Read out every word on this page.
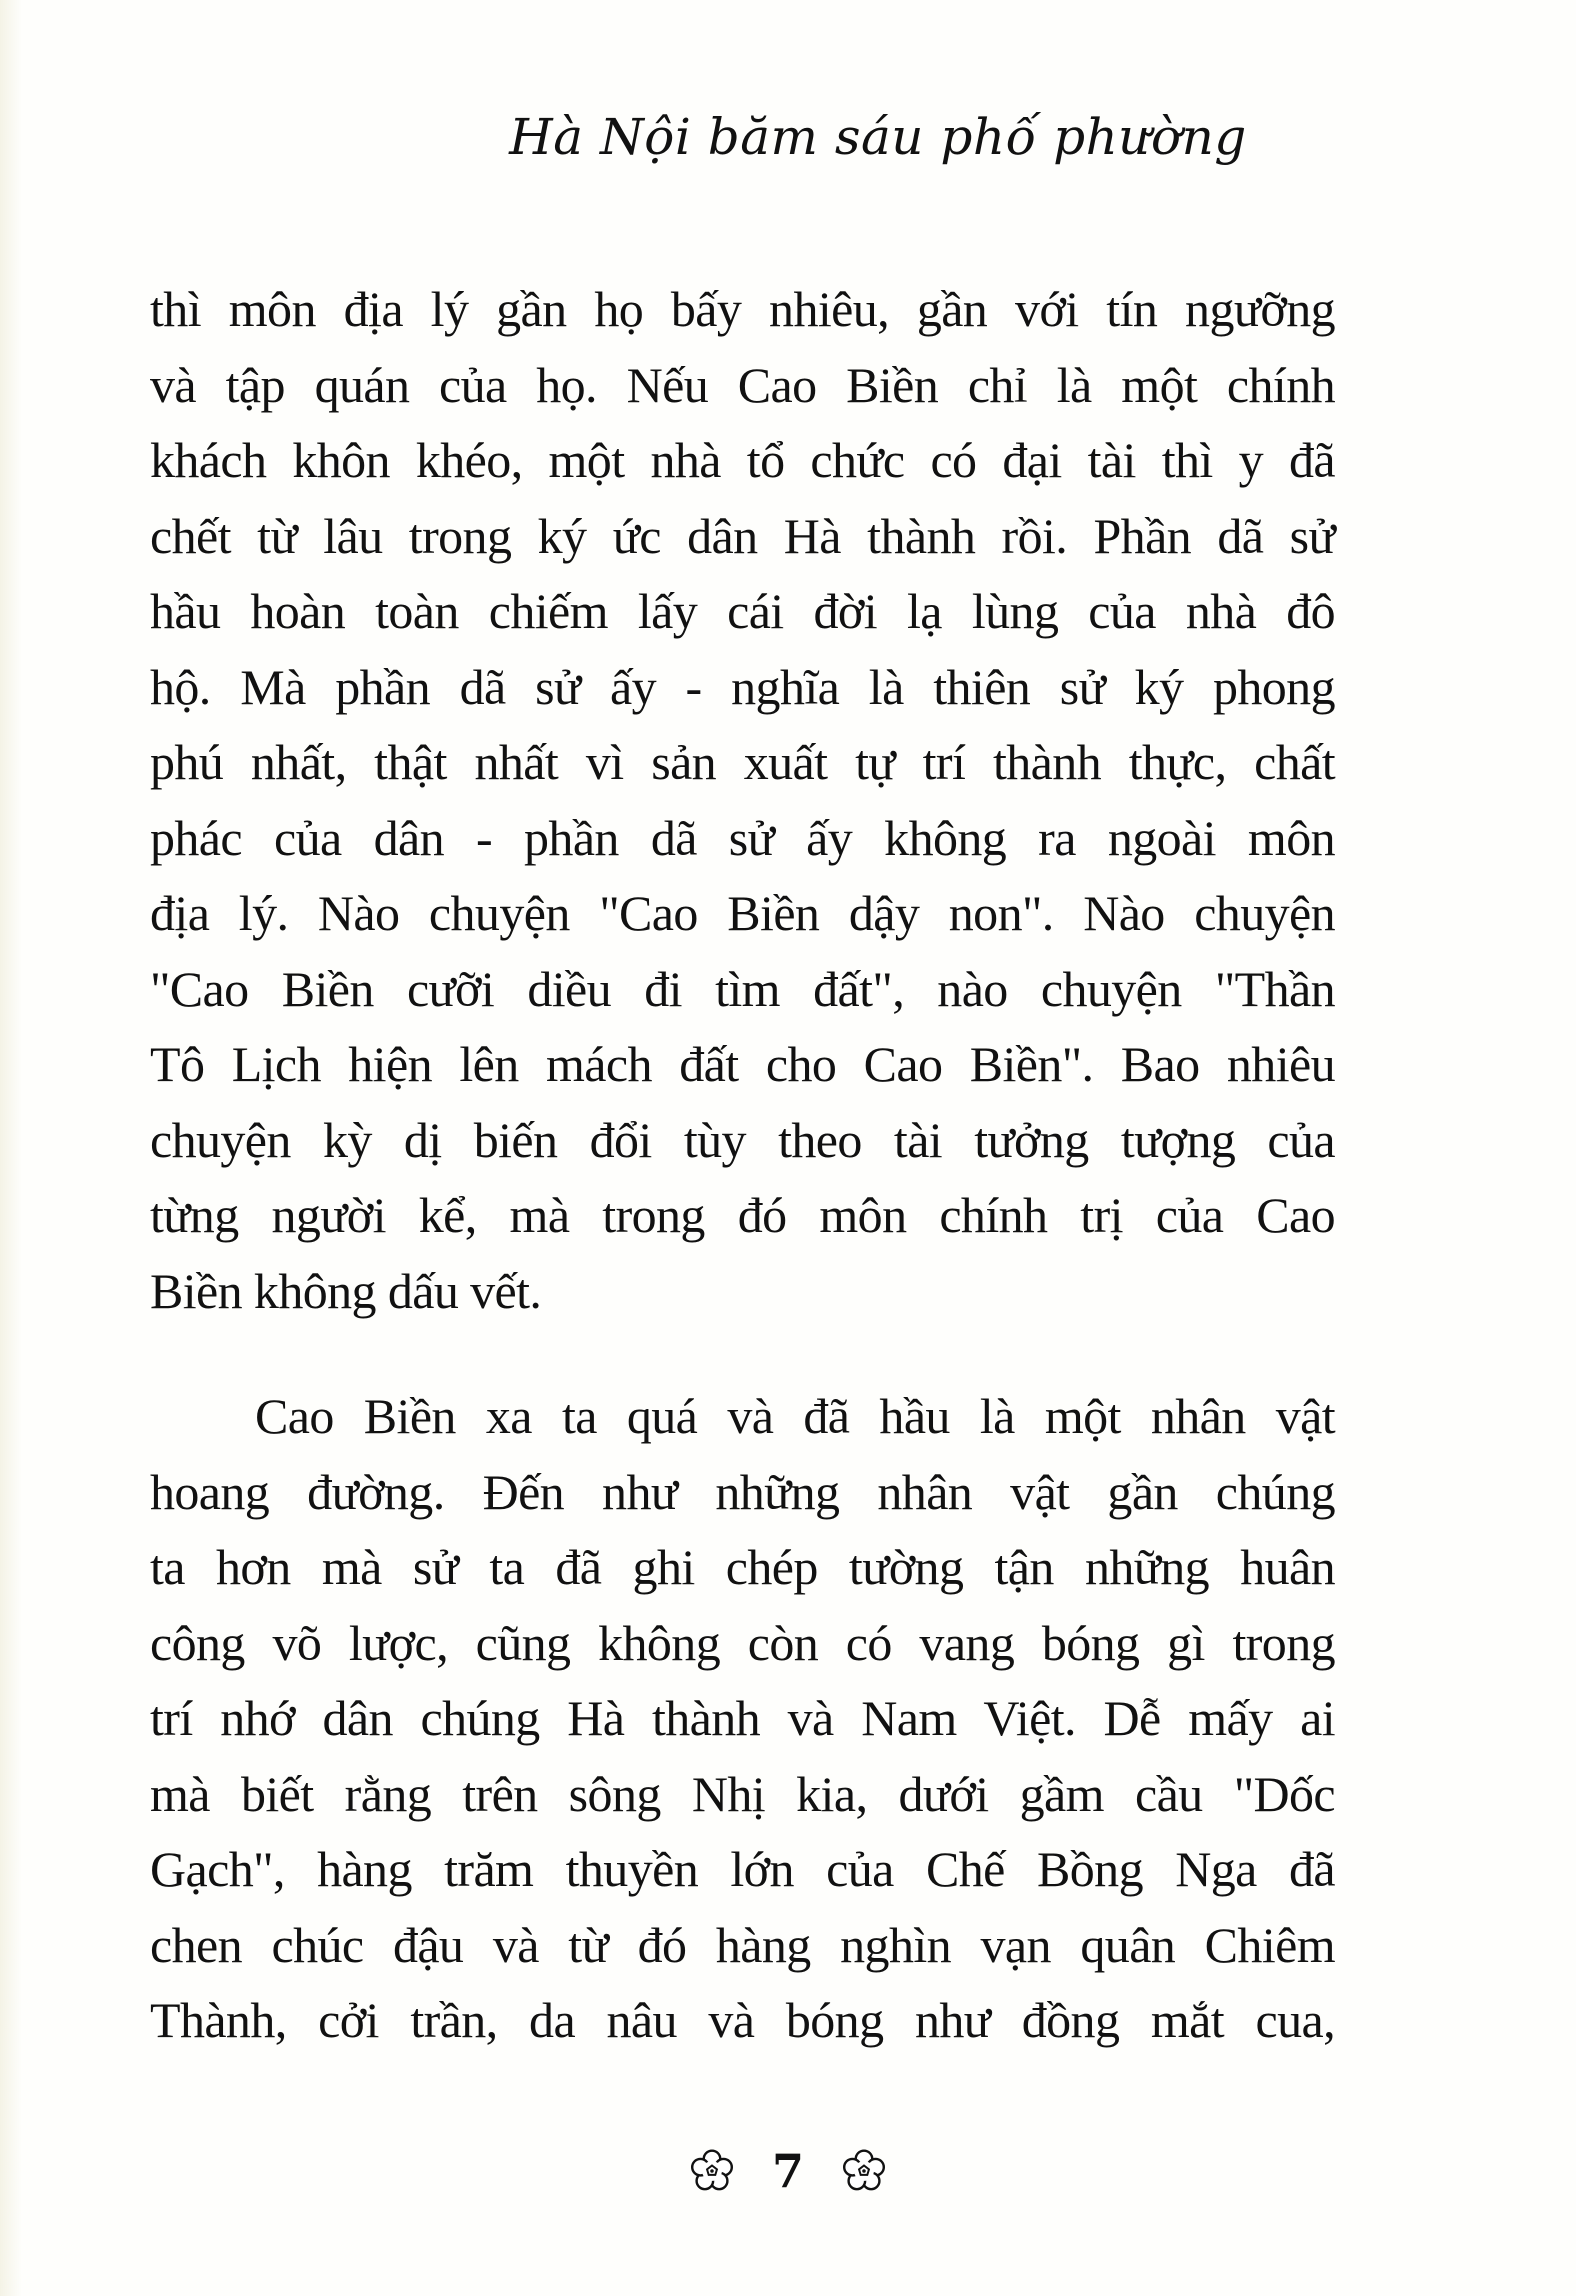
Hà Nội băm sáu phố phường
thì môn địa lý gần họ bấy nhiêu, gần với tín ngưỡng
và tập quán của họ. Nếu Cao Biền chỉ là một chính
khách khôn khéo, một nhà tổ chức có đại tài thì y đã
chết từ lâu trong ký ức dân Hà thành rồi. Phần dã sử
hầu hoàn toàn chiếm lấy cái đời lạ lùng của nhà đô
hộ. Mà phần dã sử ấy - nghĩa là thiên sử ký phong
phú nhất, thật nhất vì sản xuất tự trí thành thực, chất
phác của dân - phần dã sử ấy không ra ngoài môn
địa lý. Nào chuyện "Cao Biền dậy non". Nào chuyện
"Cao Biền cưỡi diều đi tìm đất", nào chuyện "Thần
Tô Lịch hiện lên mách đất cho Cao Biền". Bao nhiêu
chuyện kỳ dị biến đổi tùy theo tài tưởng tượng của
từng người kể, mà trong đó môn chính trị của Cao
Biền không dấu vết.
Cao Biền xa ta quá và đã hầu là một nhân vật
hoang đường. Đến như những nhân vật gần chúng
ta hơn mà sử ta đã ghi chép tường tận những huân
công võ lược, cũng không còn có vang bóng gì trong
trí nhớ dân chúng Hà thành và Nam Việt. Dễ mấy ai
mà biết rằng trên sông Nhị kia, dưới gầm cầu "Dốc
Gạch", hàng trăm thuyền lớn của Chế Bồng Nga đã
chen chúc đậu và từ đó hàng nghìn vạn quân Chiêm
Thành, cởi trần, da nâu và bóng như đồng mắt cua,
7
